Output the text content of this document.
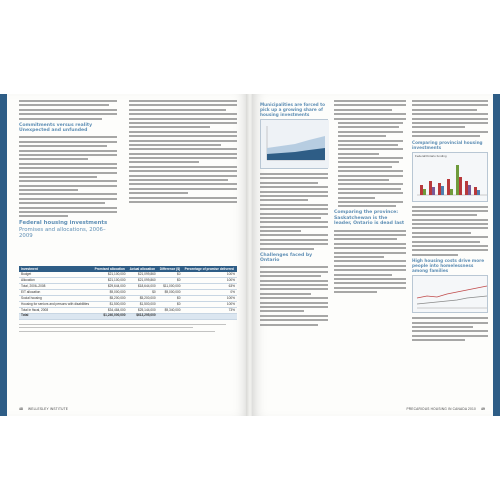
Commitments versus reality
Unexpected and unfunded
Federal housing investments
Promises and allocations, 2006–2009
Investment	Promised allocation	Actual allocation	Difference ($)	Percentage of promise delivered
Budget	$21,100,000	$21,099,860	$0	100%
Allocation	$21,100,000	$21,099,860	$0	100%
Total, 2006–2008	$29,644,000	$18,644,000	$11,000,000	63%
EIT allocation	$9,000,000	$0	$9,000,000	0%
Social housing	$5,200,000	$5,200,000	$0	100%
Housing for seniors and persons with disabilities	$1,500,000	$1,500,000	$0	100%
Total in fiscal, 2008	$34,484,000	$25,144,000	$9,340,000	73%
Total	$1,240,000,000	$613,295,000		
48 WELLESLEY INSTITUTE
Municipalities are forced to pick up a growing share of housing investments
Challenges faced by Ontario
Comparing the province: Saskatchewan is the leader, Ontario is dead last
Comparing provincial housing investments
Federal/Ontario funding
High housing costs drive more people into homelessness among families
PRECARIOUS HOUSING IN CANADA 2010 49
